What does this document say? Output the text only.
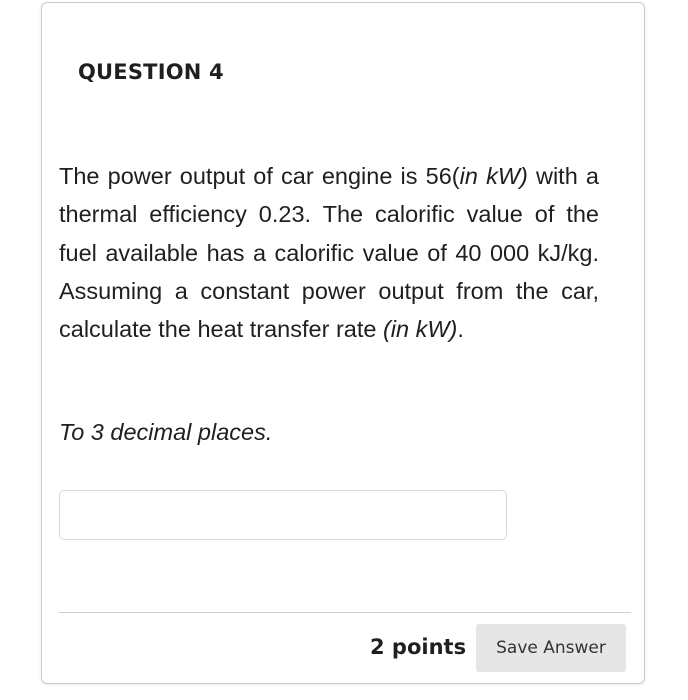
QUESTION 4

The power output of car engine is 56(in kW) with a thermal efficiency 0.23. The calorific value of the fuel available has a calorific value of 40 000 kJ/kg. Assuming a constant power output from the car, calculate the heat transfer rate (in kW).

To 3 decimal places.

2 points	Save Answer
